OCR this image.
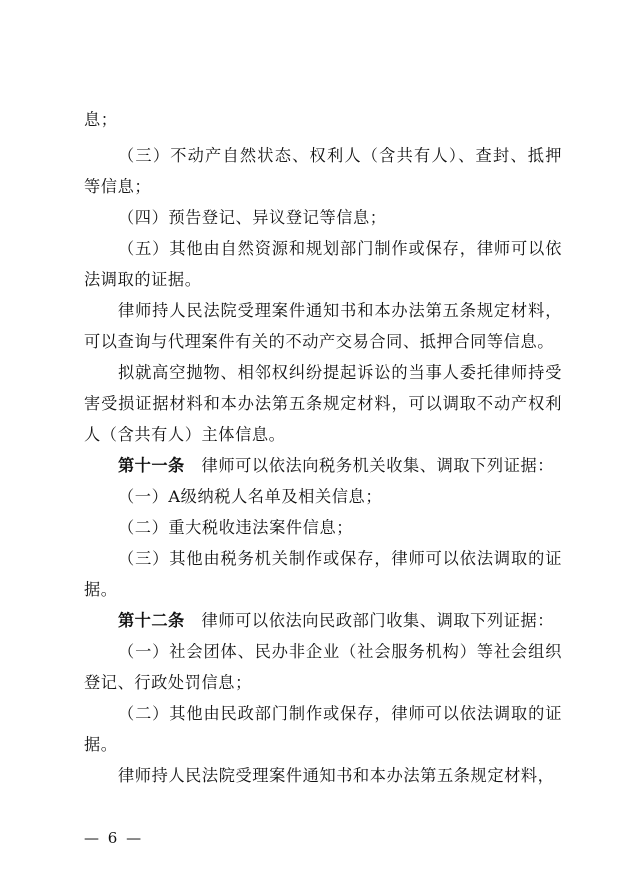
息；

（三）不动产自然状态、权利人（含共有人）、查封、抵押等信息；

（四）预告登记、异议登记等信息；

（五）其他由自然资源和规划部门制作或保存，律师可以依法调取的证据。

律师持人民法院受理案件通知书和本办法第五条规定材料，可以查询与代理案件有关的不动产交易合同、抵押合同等信息。

拟就高空抛物、相邻权纠纷提起诉讼的当事人委托律师持受害受损证据材料和本办法第五条规定材料，可以调取不动产权利人（含共有人）主体信息。

第十一条  律师可以依法向税务机关收集、调取下列证据：

（一）A级纳税人名单及相关信息；

（二）重大税收违法案件信息；

（三）其他由税务机关制作或保存，律师可以依法调取的证据。

第十二条  律师可以依法向民政部门收集、调取下列证据：

（一）社会团体、民办非企业（社会服务机构）等社会组织登记、行政处罚信息；

（二）其他由民政部门制作或保存，律师可以依法调取的证据。

律师持人民法院受理案件通知书和本办法第五条规定材料，

— 6 —
